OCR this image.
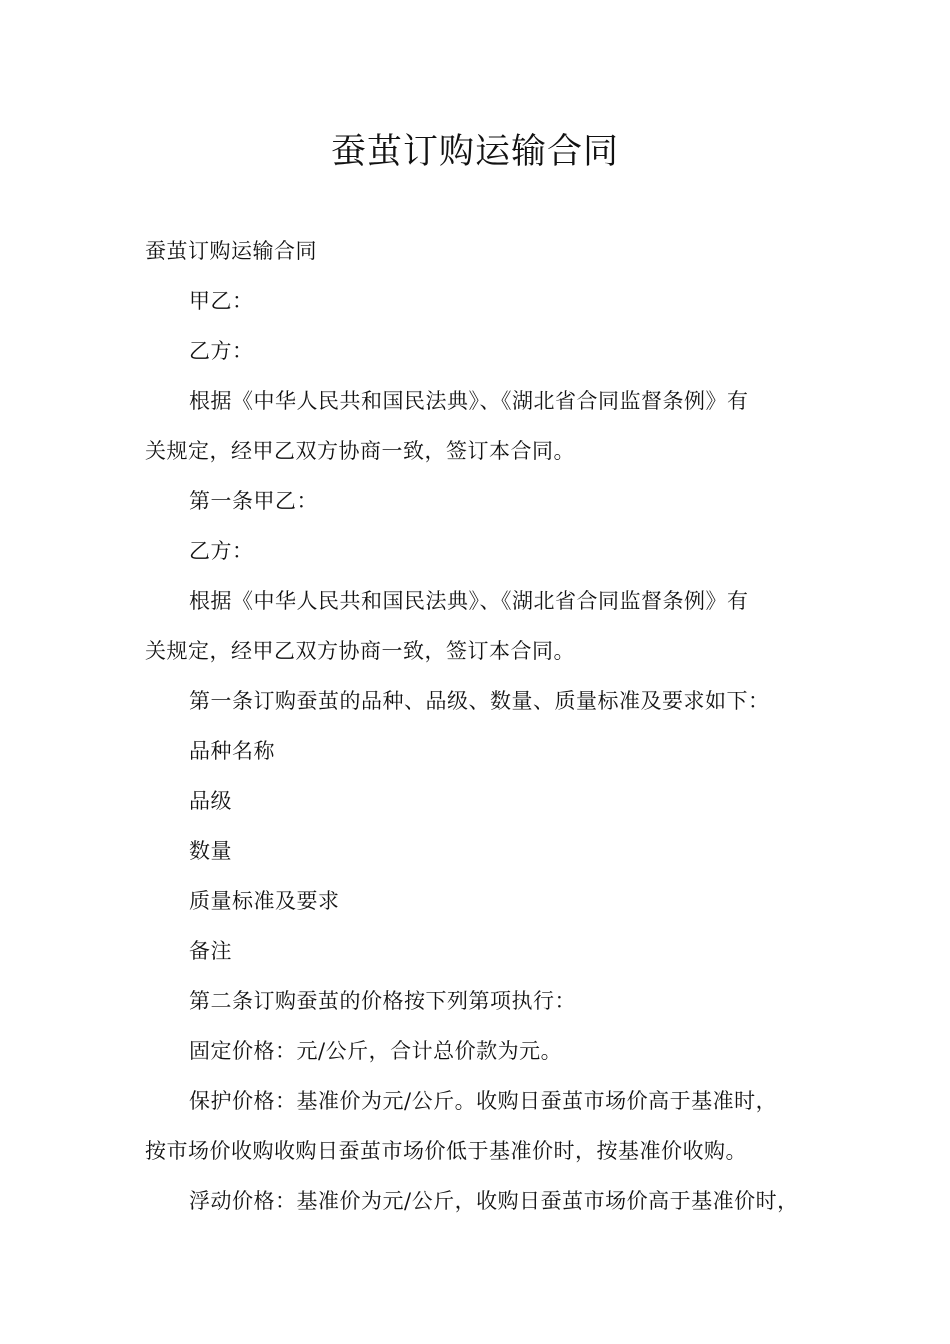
蚕茧订购运输合同
蚕茧订购运输合同
甲乙：
乙方：
根据《中华人民共和国民法典》、《湖北省合同监督条例》有
关规定，经甲乙双方协商一致，签订本合同。
第一条甲乙：
乙方：
根据《中华人民共和国民法典》、《湖北省合同监督条例》有
关规定，经甲乙双方协商一致，签订本合同。
第一条订购蚕茧的品种、品级、数量、质量标准及要求如下：
品种名称
品级
数量
质量标准及要求
备注
第二条订购蚕茧的价格按下列第项执行：
固定价格：元/公斤，合计总价款为元。
保护价格：基准价为元/公斤。收购日蚕茧市场价高于基准时，
按市场价收购收购日蚕茧市场价低于基准价时，按基准价收购。
浮动价格：基准价为元/公斤，收购日蚕茧市场价高于基准价时，
